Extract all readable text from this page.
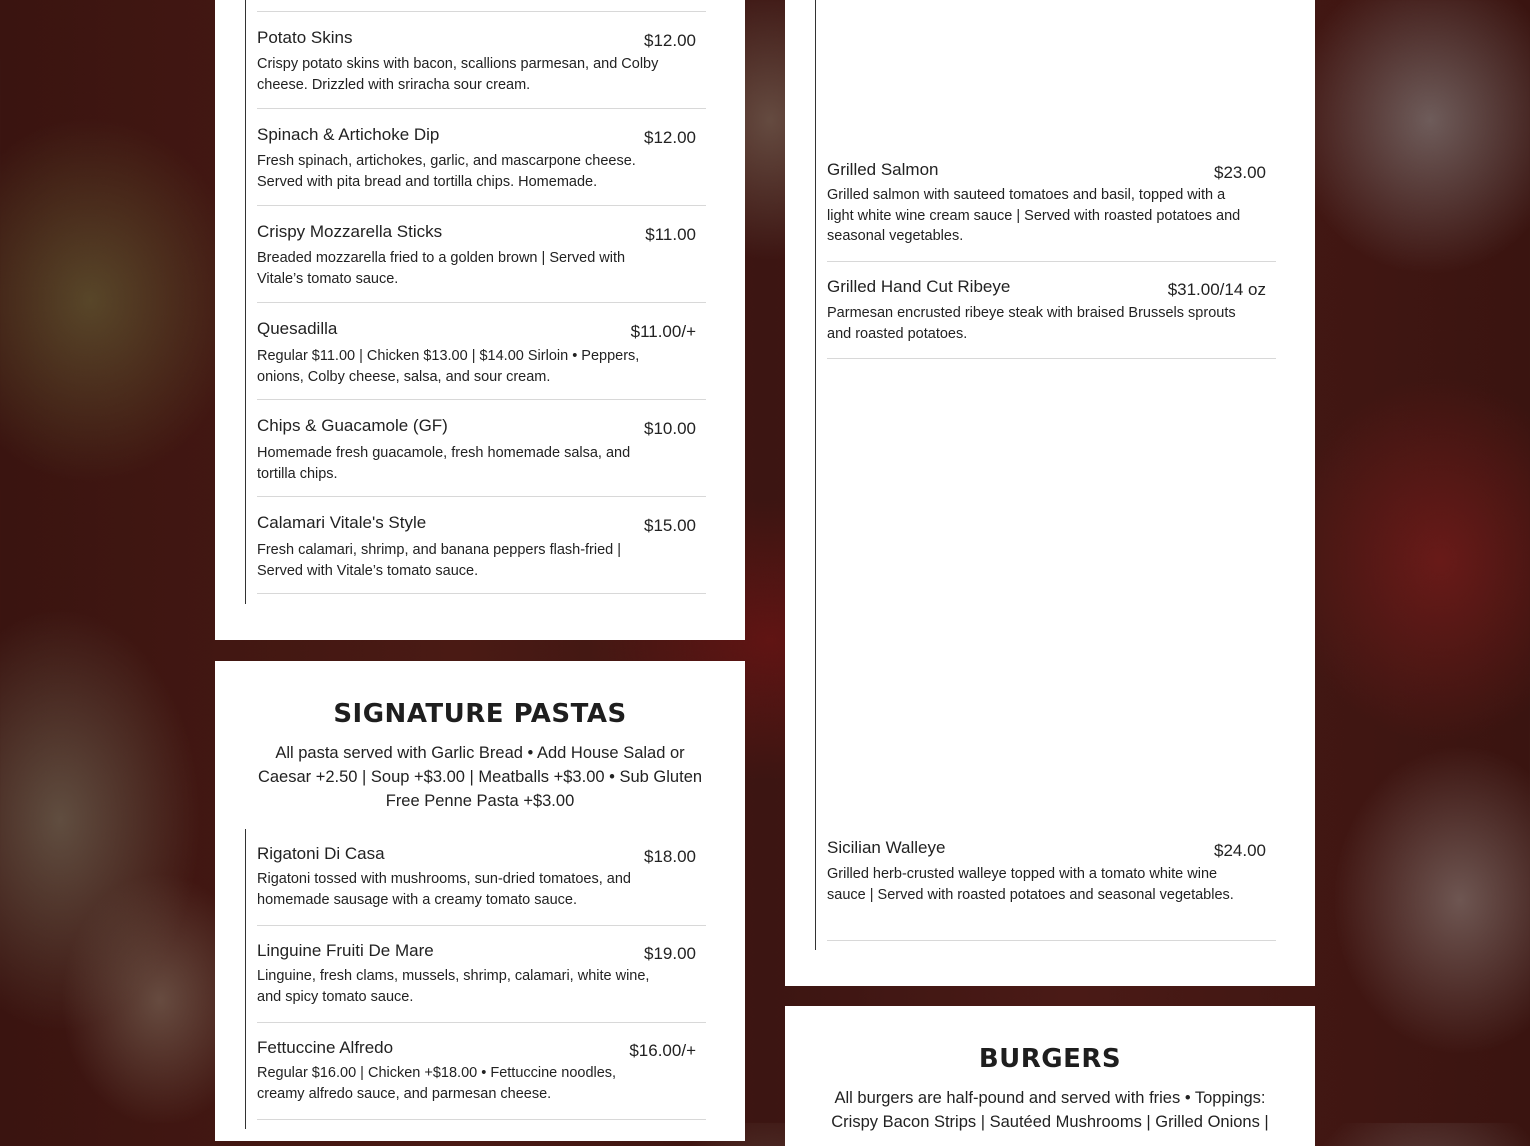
Potato Skins	$12.00
Crispy potato skins with bacon, scallions parmesan, and Colby cheese. Drizzled with sriracha sour cream.
Spinach & Artichoke Dip	$12.00
Fresh spinach, artichokes, garlic, and mascarpone cheese. Served with pita bread and tortilla chips. Homemade.
Crispy Mozzarella Sticks	$11.00
Breaded mozzarella fried to a golden brown | Served with Vitale’s tomato sauce.
Quesadilla	$11.00/+
Regular $11.00 | Chicken $13.00 | $14.00 Sirloin • Peppers, onions, Colby cheese, salsa, and sour cream.
Chips & Guacamole (GF)	$10.00
Homemade fresh guacamole, fresh homemade salsa, and tortilla chips.
Calamari Vitale's Style	$15.00
Fresh calamari, shrimp, and banana peppers flash-fried | Served with Vitale’s tomato sauce.
SIGNATURE PASTAS
All pasta served with Garlic Bread • Add House Salad or Caesar +2.50 | Soup +$3.00 | Meatballs +$3.00 • Sub Gluten Free Penne Pasta +$3.00
Rigatoni Di Casa	$18.00
Rigatoni tossed with mushrooms, sun-dried tomatoes, and homemade sausage with a creamy tomato sauce.
Linguine Fruiti De Mare	$19.00
Linguine, fresh clams, mussels, shrimp, calamari, white wine, and spicy tomato sauce.
Fettuccine Alfredo	$16.00/+
Regular $16.00 | Chicken +$18.00 • Fettuccine noodles, creamy alfredo sauce, and parmesan cheese.
Grilled Salmon	$23.00
Grilled salmon with sauteed tomatoes and basil, topped with a light white wine cream sauce | Served with roasted potatoes and seasonal vegetables.
Grilled Hand Cut Ribeye	$31.00/14 oz
Parmesan encrusted ribeye steak with braised Brussels sprouts and roasted potatoes.
Sicilian Walleye	$24.00
Grilled herb-crusted walleye topped with a tomato white wine sauce | Served with roasted potatoes and seasonal vegetables.
BURGERS
All burgers are half-pound and served with fries • Toppings: Crispy Bacon Strips | Sautéed Mushrooms | Grilled Onions |
